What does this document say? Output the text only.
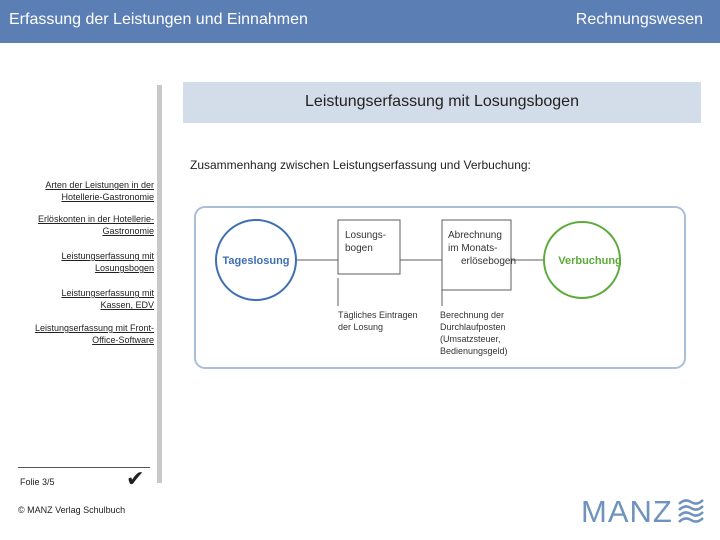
Erfassung der Leistungen und Einnahmen	Rechnungswesen
Arten der Leistungen in der
Hotellerie-Gastronomie
Erlöskonten in der Hotellerie-
Gastronomie
Leistungserfassung mit
Losungsbogen
Leistungserfassung mit
Kassen, EDV
Leistungserfassung mit Front-
Office-Software
Folie 3/5	✔
© MANZ Verlag Schulbuch
Leistungserfassung mit Losungsbogen
Zusammenhang zwischen Leistungserfassung und Verbuchung:
Losungs-
bogen
Abrechnung
im Monats-
erlösebogen
Tageslosung	Verbuchung
Tägliches Eintragen
der Losung
Berechnung der
Durchlaufposten
(Umsatzsteuer,
Bedienungsgeld)
MANZ
